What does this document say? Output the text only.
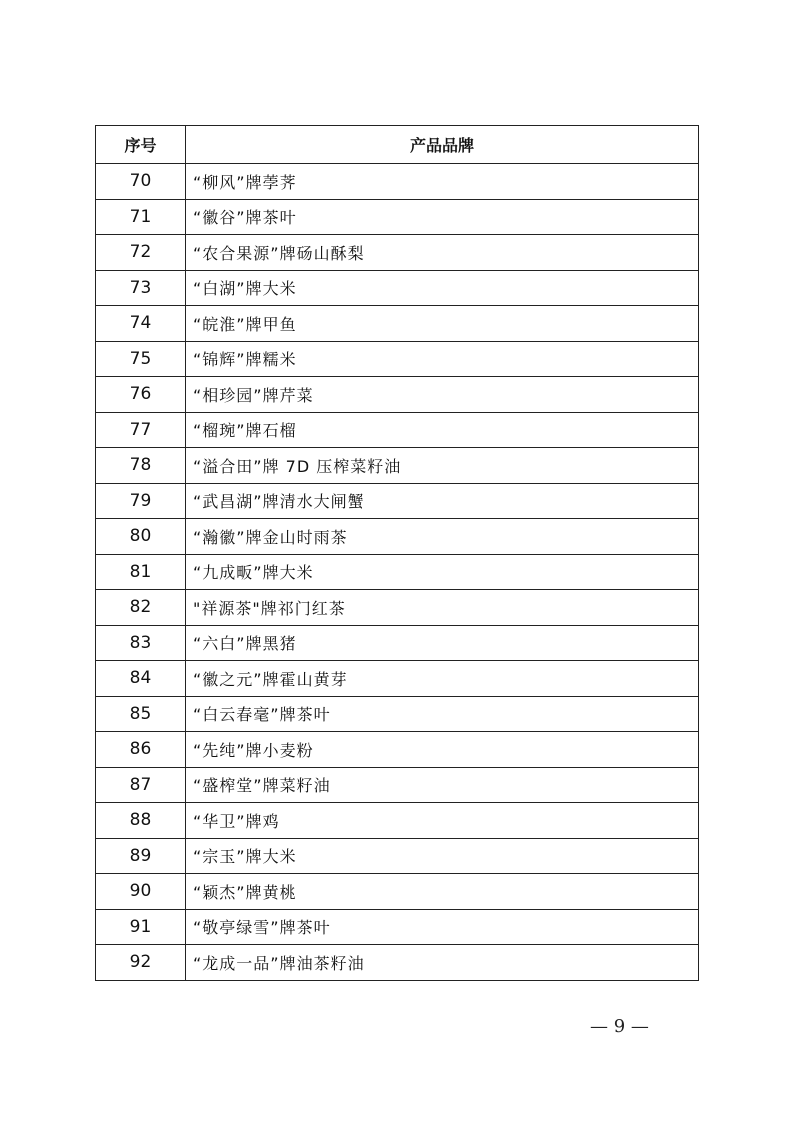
序号	产品品牌
70	“柳风”牌荸荠
71	“徽谷”牌茶叶
72	“农合果源”牌砀山酥梨
73	“白湖”牌大米
74	“皖淮”牌甲鱼
75	“锦辉”牌糯米
76	“相珍园”牌芹菜
77	“榴琬”牌石榴
78	“溢合田”牌 7D 压榨菜籽油
79	“武昌湖”牌清水大闸蟹
80	“瀚徽”牌金山时雨茶
81	“九成畈”牌大米
82	"祥源茶"牌祁门红茶
83	“六白”牌黑猪
84	“徽之元”牌霍山黄芽
85	“白云春毫”牌茶叶
86	“先纯”牌小麦粉
87	“盛榨堂”牌菜籽油
88	“华卫”牌鸡
89	“宗玉”牌大米
90	“颖杰”牌黄桃
91	“敬亭绿雪”牌茶叶
92	“龙成一品”牌油茶籽油
— 9 —
